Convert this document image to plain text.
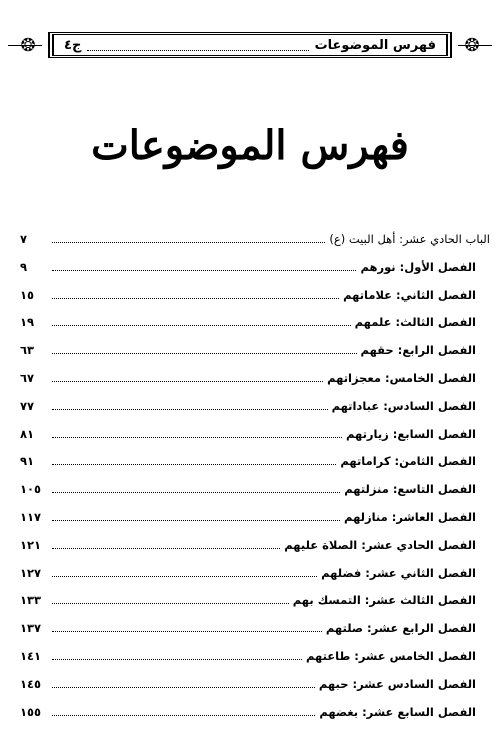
❂	فهرس الموضوعات
ج٤	❂
فهرس الموضوعات
الباب الحادي عشر: أهل البيت (ع)
٧
الفصل الأول: نورهم
٩
الفصل الثاني: علاماتهم
١٥
الفصل الثالث: علمهم
١٩
الفصل الرابع: حقهم
٦٣
الفصل الخامس: معجزاتهم
٦٧
الفصل السادس: عباداتهم
٧٧
الفصل السابع: زيارتهم
٨١
الفصل الثامن: كراماتهم
٩١
الفصل التاسع: منزلتهم
١٠٥
الفصل العاشر: منازلهم
١١٧
الفصل الحادي عشر: الصلاة عليهم
١٢١
الفصل الثاني عشر: فضلهم
١٢٧
الفصل الثالث عشر: التمسك بهم
١٣٣
الفصل الرابع عشر: صلتهم
١٣٧
الفصل الخامس عشر: طاعتهم
١٤١
الفصل السادس عشر: حبهم
١٤٥
الفصل السابع عشر: بغضهم
١٥٥
